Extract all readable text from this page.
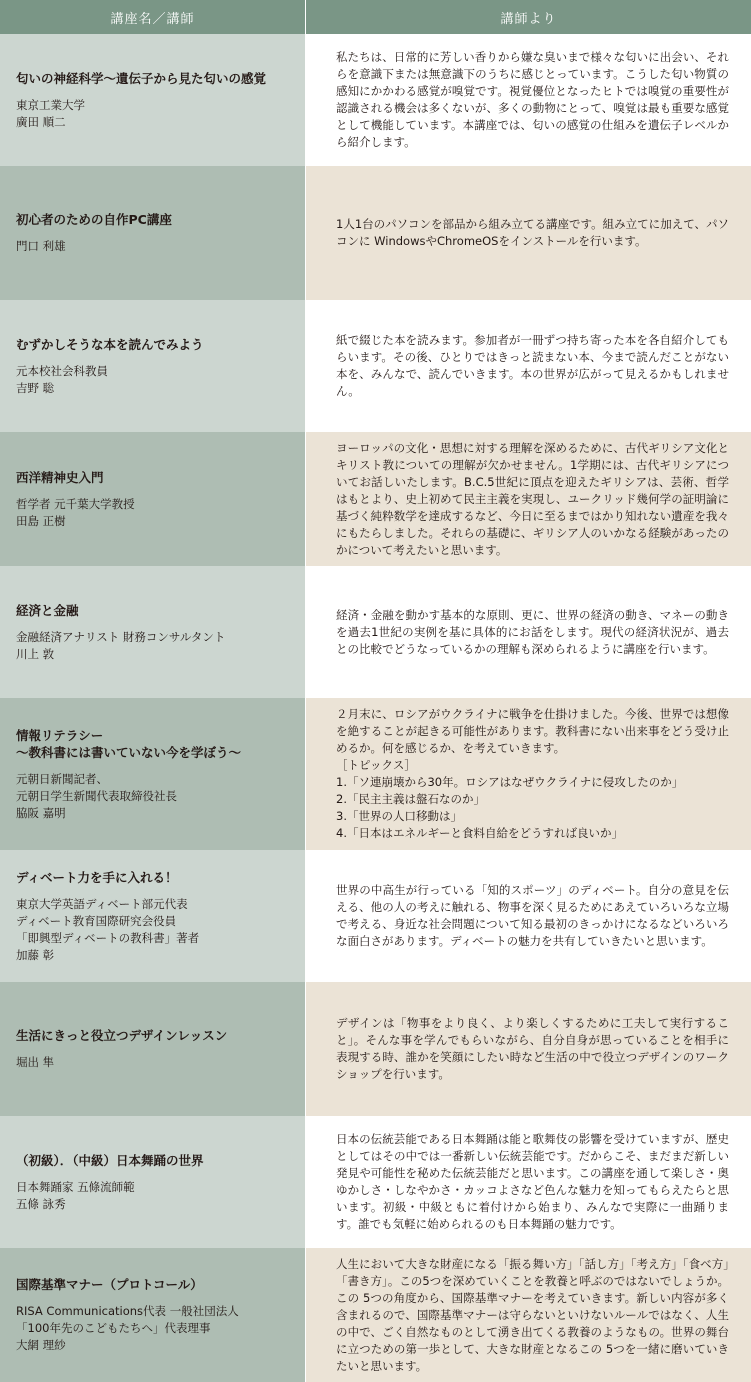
講座名／講師	講師より
匂いの神経科学～遺伝子から見た匂いの感覚
東京工業大学
廣田 順二
私たちは、日常的に芳しい香りから嫌な臭いまで様々な匂いに出会い、それらを意識下または無意識下のうちに感じとっています。こうした匂い物質の感知にかかわる感覚が嗅覚です。視覚優位となったヒトでは嗅覚の重要性が認識される機会は多くないが、多くの動物にとって、嗅覚は最も重要な感覚として機能しています。本講座では、匂いの感覚の仕組みを遺伝子レベルから紹介します。
初心者のための自作PC講座
門口 利雄
1人1台のパソコンを部品から組み立てる講座です。組み立てに加えて、パソコンに WindowsやChromeOSをインストールを行います。
むずかしそうな本を読んでみよう
元本校社会科教員
吉野 聡
紙で綴じた本を読みます。参加者が一冊ずつ持ち寄った本を各自紹介してもらいます。その後、ひとりではきっと読まない本、今まで読んだことがない本を、みんなで、読んでいきます。本の世界が広がって見えるかもしれません。
西洋精神史入門
哲学者 元千葉大学教授
田島 正樹
ヨーロッパの文化・思想に対する理解を深めるために、古代ギリシア文化とキリスト教についての理解が欠かせません。1学期には、古代ギリシアについてお話しいたします。B.C.5世紀に頂点を迎えたギリシアは、芸術、哲学はもとより、史上初めて民主主義を実現し、ユークリッド幾何学の証明論に基づく純粋数学を達成するなど、今日に至るまではかり知れない遺産を我々にもたらしました。それらの基礎に、ギリシア人のいかなる経験があったのかについて考えたいと思います。
経済と金融
金融経済アナリスト 財務コンサルタント
川上 敦
経済・金融を動かす基本的な原則、更に、世界の経済の動き、マネーの動きを過去1世紀の実例を基に具体的にお話をします。現代の経済状況が、過去との比較でどうなっているかの理解も深められるように講座を行います。
情報リテラシー
～教科書には書いていない今を学ぼう～
元朝日新聞記者、
元朝日学生新聞代表取締役社長
脇阪 嘉明
２月末に、ロシアがウクライナに戦争を仕掛けました。今後、世界では想像を絶することが起きる可能性があります。教科書にない出来事をどう受け止めるか。何を感じるか、を考えていきます。
［トピックス］
1.「ソ連崩壊から30年。ロシアはなぜウクライナに侵攻したのか」
2.「民主主義は盤石なのか」
3.「世界の人口移動は」
4.「日本はエネルギーと食料自給をどうすれば良いか」
ディベート力を手に入れる！
東京大学英語ディベート部元代表
ディベート教育国際研究会役員
「即興型ディベートの教科書」著者
加藤 彰
世界の中高生が行っている「知的スポーツ」のディベート。自分の意見を伝える、他の人の考えに触れる、物事を深く見るためにあえていろいろな立場で考える、身近な社会問題について知る最初のきっかけになるなどいろいろな面白さがあります。ディベートの魅力を共有していきたいと思います。
生活にきっと役立つデザインレッスン
堀出 隼
デザインは「物事をより良く、より楽しくするために工夫して実行すること」。そんな事を学んでもらいながら、自分自身が思っていることを相手に表現する時、誰かを笑顔にしたい時など生活の中で役立つデザインのワークショップを行います。
（初級）．（中級）日本舞踊の世界
日本舞踊家 五條流師範
五條 詠秀
日本の伝統芸能である日本舞踊は能と歌舞伎の影響を受けていますが、歴史としてはその中では一番新しい伝統芸能です。だからこそ、まだまだ新しい発見や可能性を秘めた伝統芸能だと思います。この講座を通して楽しさ・奥ゆかしさ・しなやかさ・カッコよさなど色んな魅力を知ってもらえたらと思います。初級・中級ともに着付けから始まり、みんなで実際に一曲踊ります。誰でも気軽に始められるのも日本舞踊の魅力です。
国際基準マナー（プロトコール）
RISA Communications代表 一般社団法人
「100年先のこどもたちへ」代表理事
大網 理紗
人生において大きな財産になる「振る舞い方」「話し方」「考え方」「食べ方」「書き方」。この5つを深めていくことを教養と呼ぶのではないでしょうか。この 5つの角度から、国際基準マナーを考えていきます。新しい内容が多く含まれるので、国際基準マナーは守らないといけないルールではなく、人生の中で、ごく自然なものとして湧き出てくる教養のようなもの。世界の舞台に立つための第一歩として、大きな財産となるこの 5つを一緒に磨いていきたいと思います。
